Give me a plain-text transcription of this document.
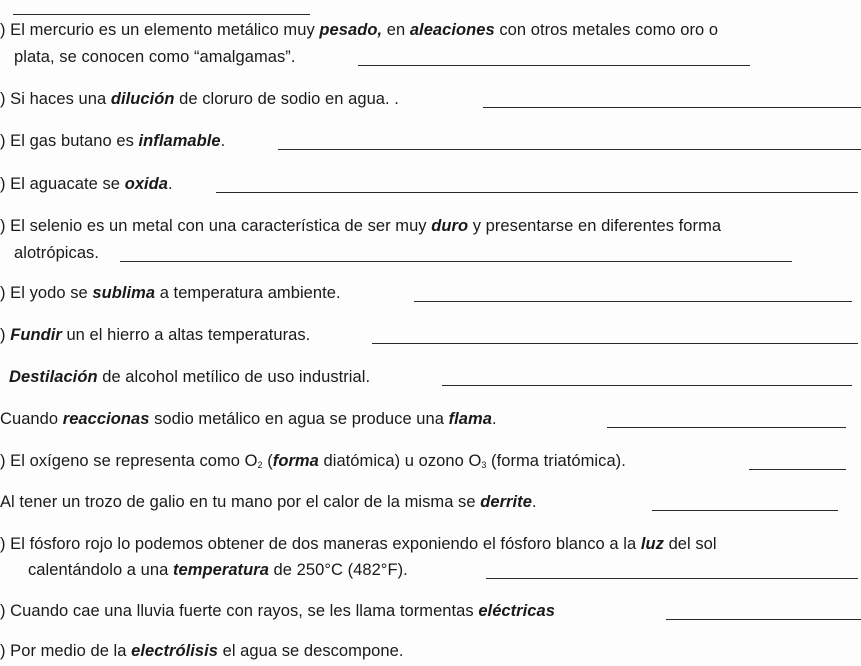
) El mercurio es un elemento metálico muy pesado, en aleaciones con otros metales como oro o
plata, se conocen como “amalgamas”.
) Si haces una dilución de cloruro de sodio en agua. .
) El gas butano es inflamable.
) El aguacate se oxida.
) El selenio es un metal con una característica de ser muy duro y presentarse en diferentes forma
alotrópicas.
) El yodo se sublima a temperatura ambiente.
) Fundir un el hierro a altas temperaturas.
Destilación de alcohol metílico de uso industrial.
Cuando reaccionas sodio metálico en agua se produce una flama.
) El oxígeno se representa como $O_2$ (forma diatómica) u ozono $O_3$ (forma triatómica).
Al tener un trozo de galio en tu mano por el calor de la misma se derrite.
) El fósforo rojo lo podemos obtener de dos maneras exponiendo el fósforo blanco a la luz del sol
calentándolo a una temperatura de 250°C (482°F).
) Cuando cae una lluvia fuerte con rayos, se les llama tormentas eléctricas
) Por medio de la electrólisis el agua se descompone.
